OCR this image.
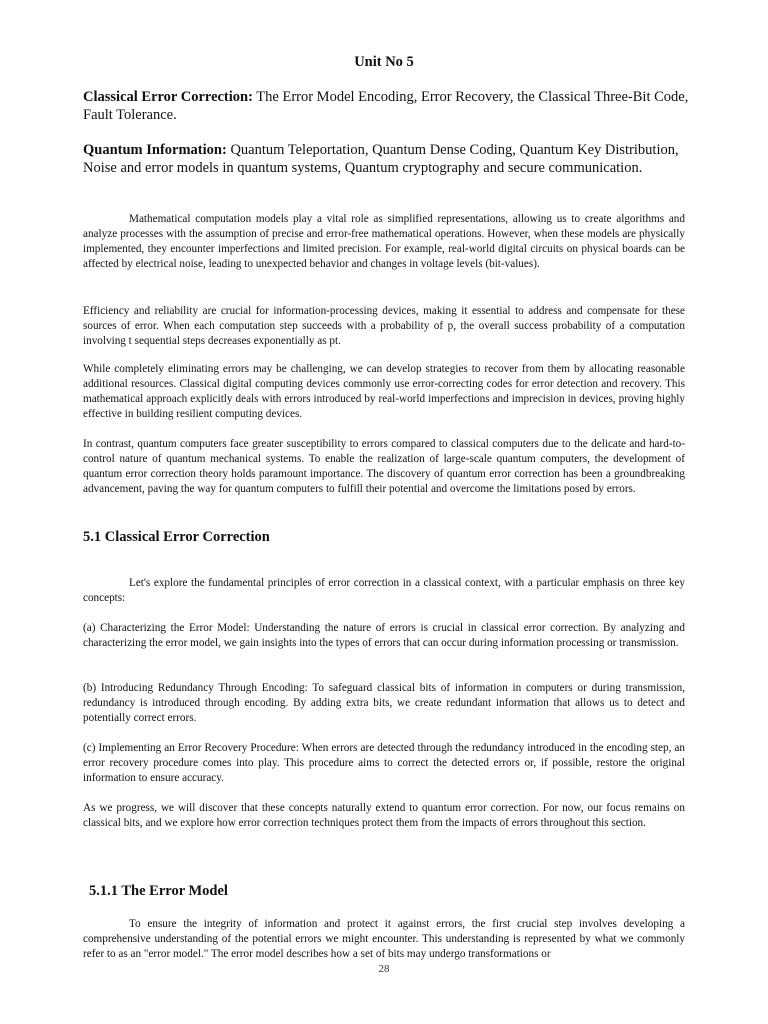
Unit No 5
Classical Error Correction: The Error Model Encoding, Error Recovery, the Classical Three-Bit Code, Fault Tolerance.
Quantum Information: Quantum Teleportation, Quantum Dense Coding, Quantum Key Distribution, Noise and error models in quantum systems, Quantum cryptography and secure communication.

Mathematical computation models play a vital role as simplified representations, allowing us to create algorithms and analyze processes with the assumption of precise and error-free mathematical operations. However, when these models are physically implemented, they encounter imperfections and limited precision. For example, real-world digital circuits on physical boards can be affected by electrical noise, leading to unexpected behavior and changes in voltage levels (bit-values).

Efficiency and reliability are crucial for information-processing devices, making it essential to address and compensate for these sources of error. When each computation step succeeds with a probability of p, the overall success probability of a computation involving t sequential steps decreases exponentially as pt.

While completely eliminating errors may be challenging, we can develop strategies to recover from them by allocating reasonable additional resources. Classical digital computing devices commonly use error-correcting codes for error detection and recovery. This mathematical approach explicitly deals with errors introduced by real-world imperfections and imprecision in devices, proving highly effective in building resilient computing devices.

In contrast, quantum computers face greater susceptibility to errors compared to classical computers due to the delicate and hard-to-control nature of quantum mechanical systems. To enable the realization of large-scale quantum computers, the development of quantum error correction theory holds paramount importance. The discovery of quantum error correction has been a groundbreaking advancement, paving the way for quantum computers to fulfill their potential and overcome the limitations posed by errors.

5.1 Classical Error Correction

Let's explore the fundamental principles of error correction in a classical context, with a particular emphasis on three key concepts:

(a) Characterizing the Error Model: Understanding the nature of errors is crucial in classical error correction. By analyzing and characterizing the error model, we gain insights into the types of errors that can occur during information processing or transmission.

(b) Introducing Redundancy Through Encoding: To safeguard classical bits of information in computers or during transmission, redundancy is introduced through encoding. By adding extra bits, we create redundant information that allows us to detect and potentially correct errors.

(c) Implementing an Error Recovery Procedure: When errors are detected through the redundancy introduced in the encoding step, an error recovery procedure comes into play. This procedure aims to correct the detected errors or, if possible, restore the original information to ensure accuracy.

As we progress, we will discover that these concepts naturally extend to quantum error correction. For now, our focus remains on classical bits, and we explore how error correction techniques protect them from the impacts of errors throughout this section.

5.1.1 The Error Model

To ensure the integrity of information and protect it against errors, the first crucial step involves developing a comprehensive understanding of the potential errors we might encounter. This understanding is represented by what we commonly refer to as an "error model." The error model describes how a set of bits may undergo transformations or

28
